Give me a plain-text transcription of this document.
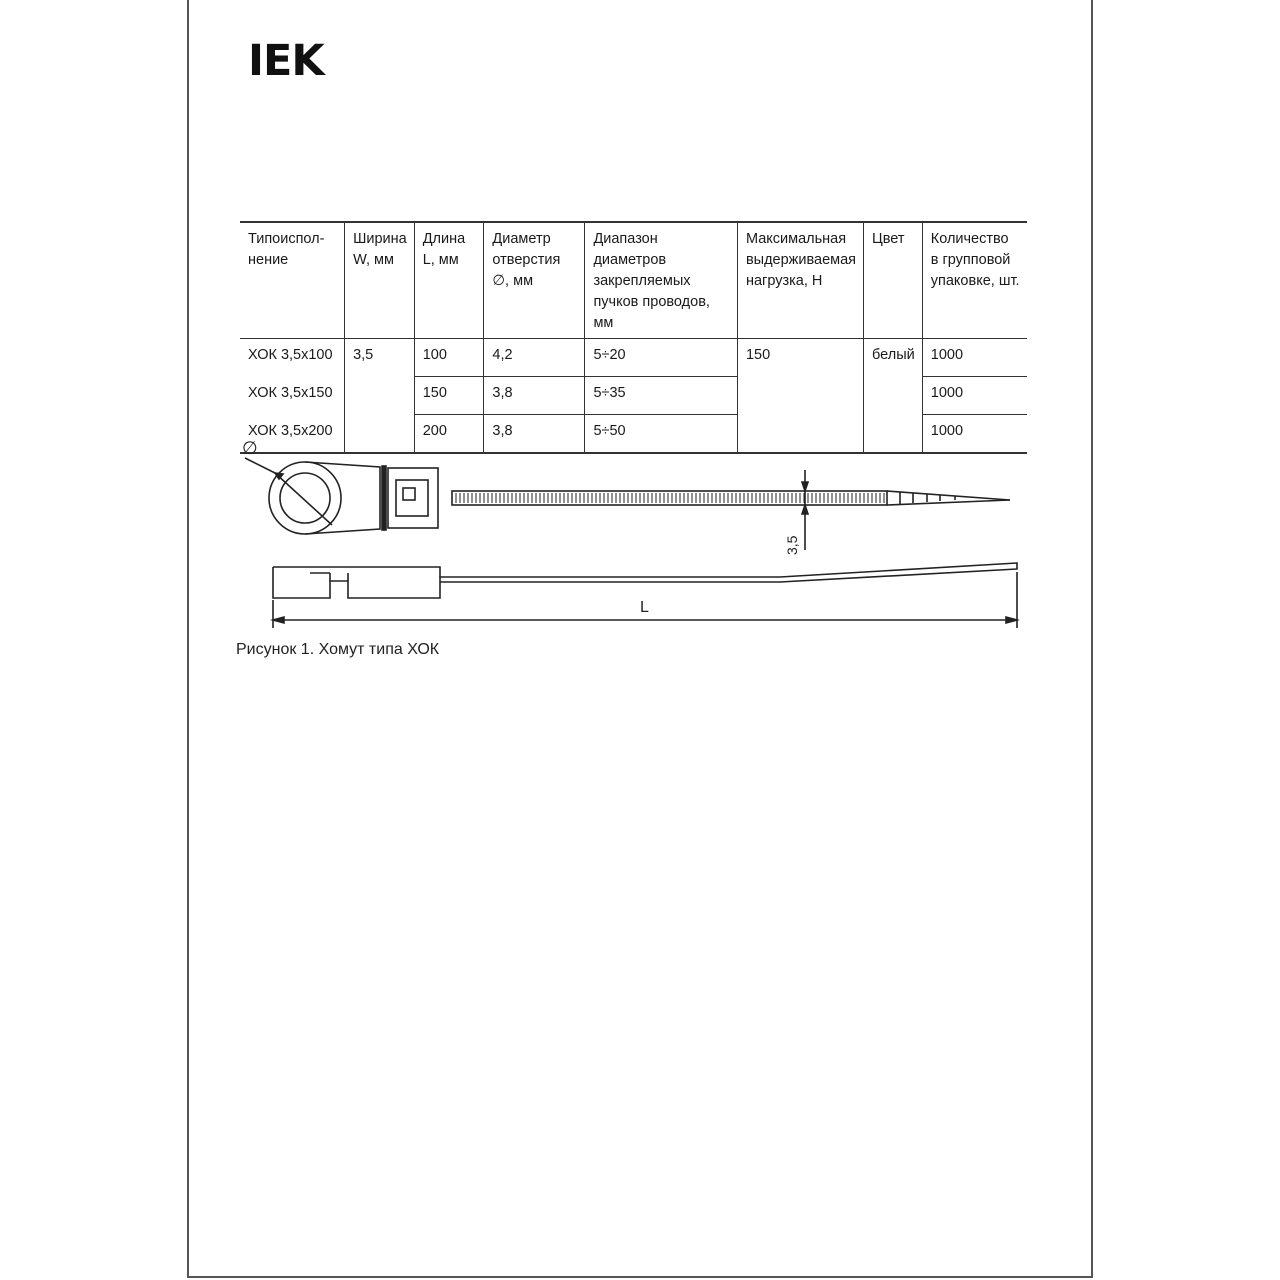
IEK
Типоиспол- нение	Ширина W, мм	Длина L, мм	Диаметр отверстия ∅, мм	Диапазон диаметров закрепляемых пучков проводов, мм	Максимальная выдерживаемая нагрузка, Н	Цвет	Количество в групповой упаковке, шт.
ХОК 3,5х100	3,5	100	4,2	5÷20	150	белый	1000
ХОК 3,5х150		150	3,8	5÷35			1000
ХОК 3,5х200		200	3,8	5÷50			1000
∅
3,5
L
Рисунок 1. Хомут типа ХОК
